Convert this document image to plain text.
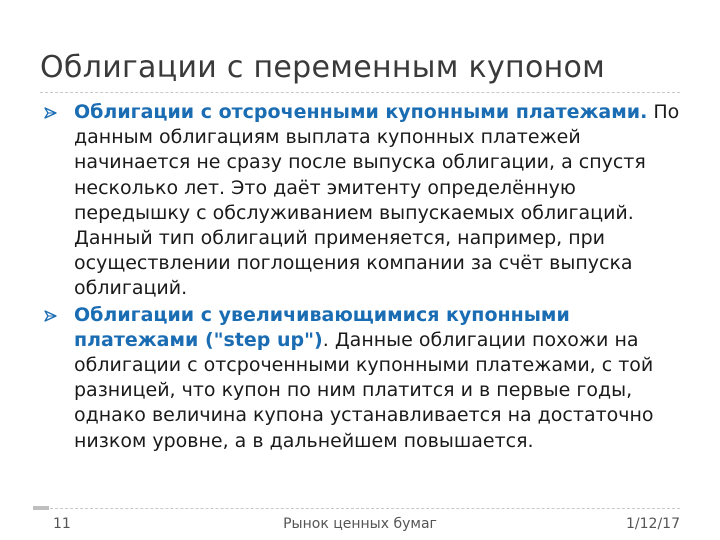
Облигации с переменным купоном
Облигации с отсроченными купонными платежами. По данным облигациям выплата купонных платежей начинается не сразу после выпуска облигации, а спустя несколько лет. Это даёт эмитенту определённую передышку с обслуживанием выпускаемых облигаций. Данный тип облигаций применяется, например, при осуществлении поглощения компании за счёт выпуска облигаций.
Облигации с увеличивающимися купонными платежами ("step up"). Данные облигации похожи на облигации с отсроченными купонными платежами, с той разницей, что купон по ним платится и в первые годы, однако величина купона устанавливается на достаточно низком уровне, а в дальнейшем повышается.
11	Рынок ценных бумаг	1/12/17
